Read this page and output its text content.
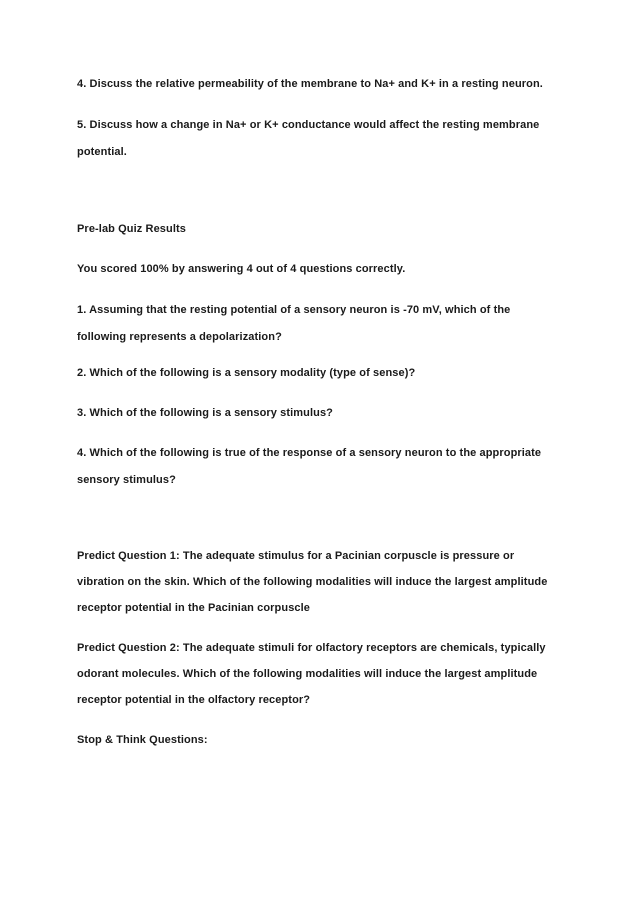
4. Discuss the relative permeability of the membrane to Na+ and K+ in a resting neuron.
5. Discuss how a change in Na+ or K+ conductance would affect the resting membrane
potential.
Pre-lab Quiz Results
You scored 100% by answering 4 out of 4 questions correctly.
1. Assuming that the resting potential of a sensory neuron is -70 mV, which of the
following represents a depolarization?
2. Which of the following is a sensory modality (type of sense)?
3. Which of the following is a sensory stimulus?
4. Which of the following is true of the response of a sensory neuron to the appropriate
sensory stimulus?
Predict Question 1: The adequate stimulus for a Pacinian corpuscle is pressure or
vibration on the skin. Which of the following modalities will induce the largest amplitude
receptor potential in the Pacinian corpuscle
Predict Question 2: The adequate stimuli for olfactory receptors are chemicals, typically
odorant molecules. Which of the following modalities will induce the largest amplitude
receptor potential in the olfactory receptor?
Stop & Think Questions:
